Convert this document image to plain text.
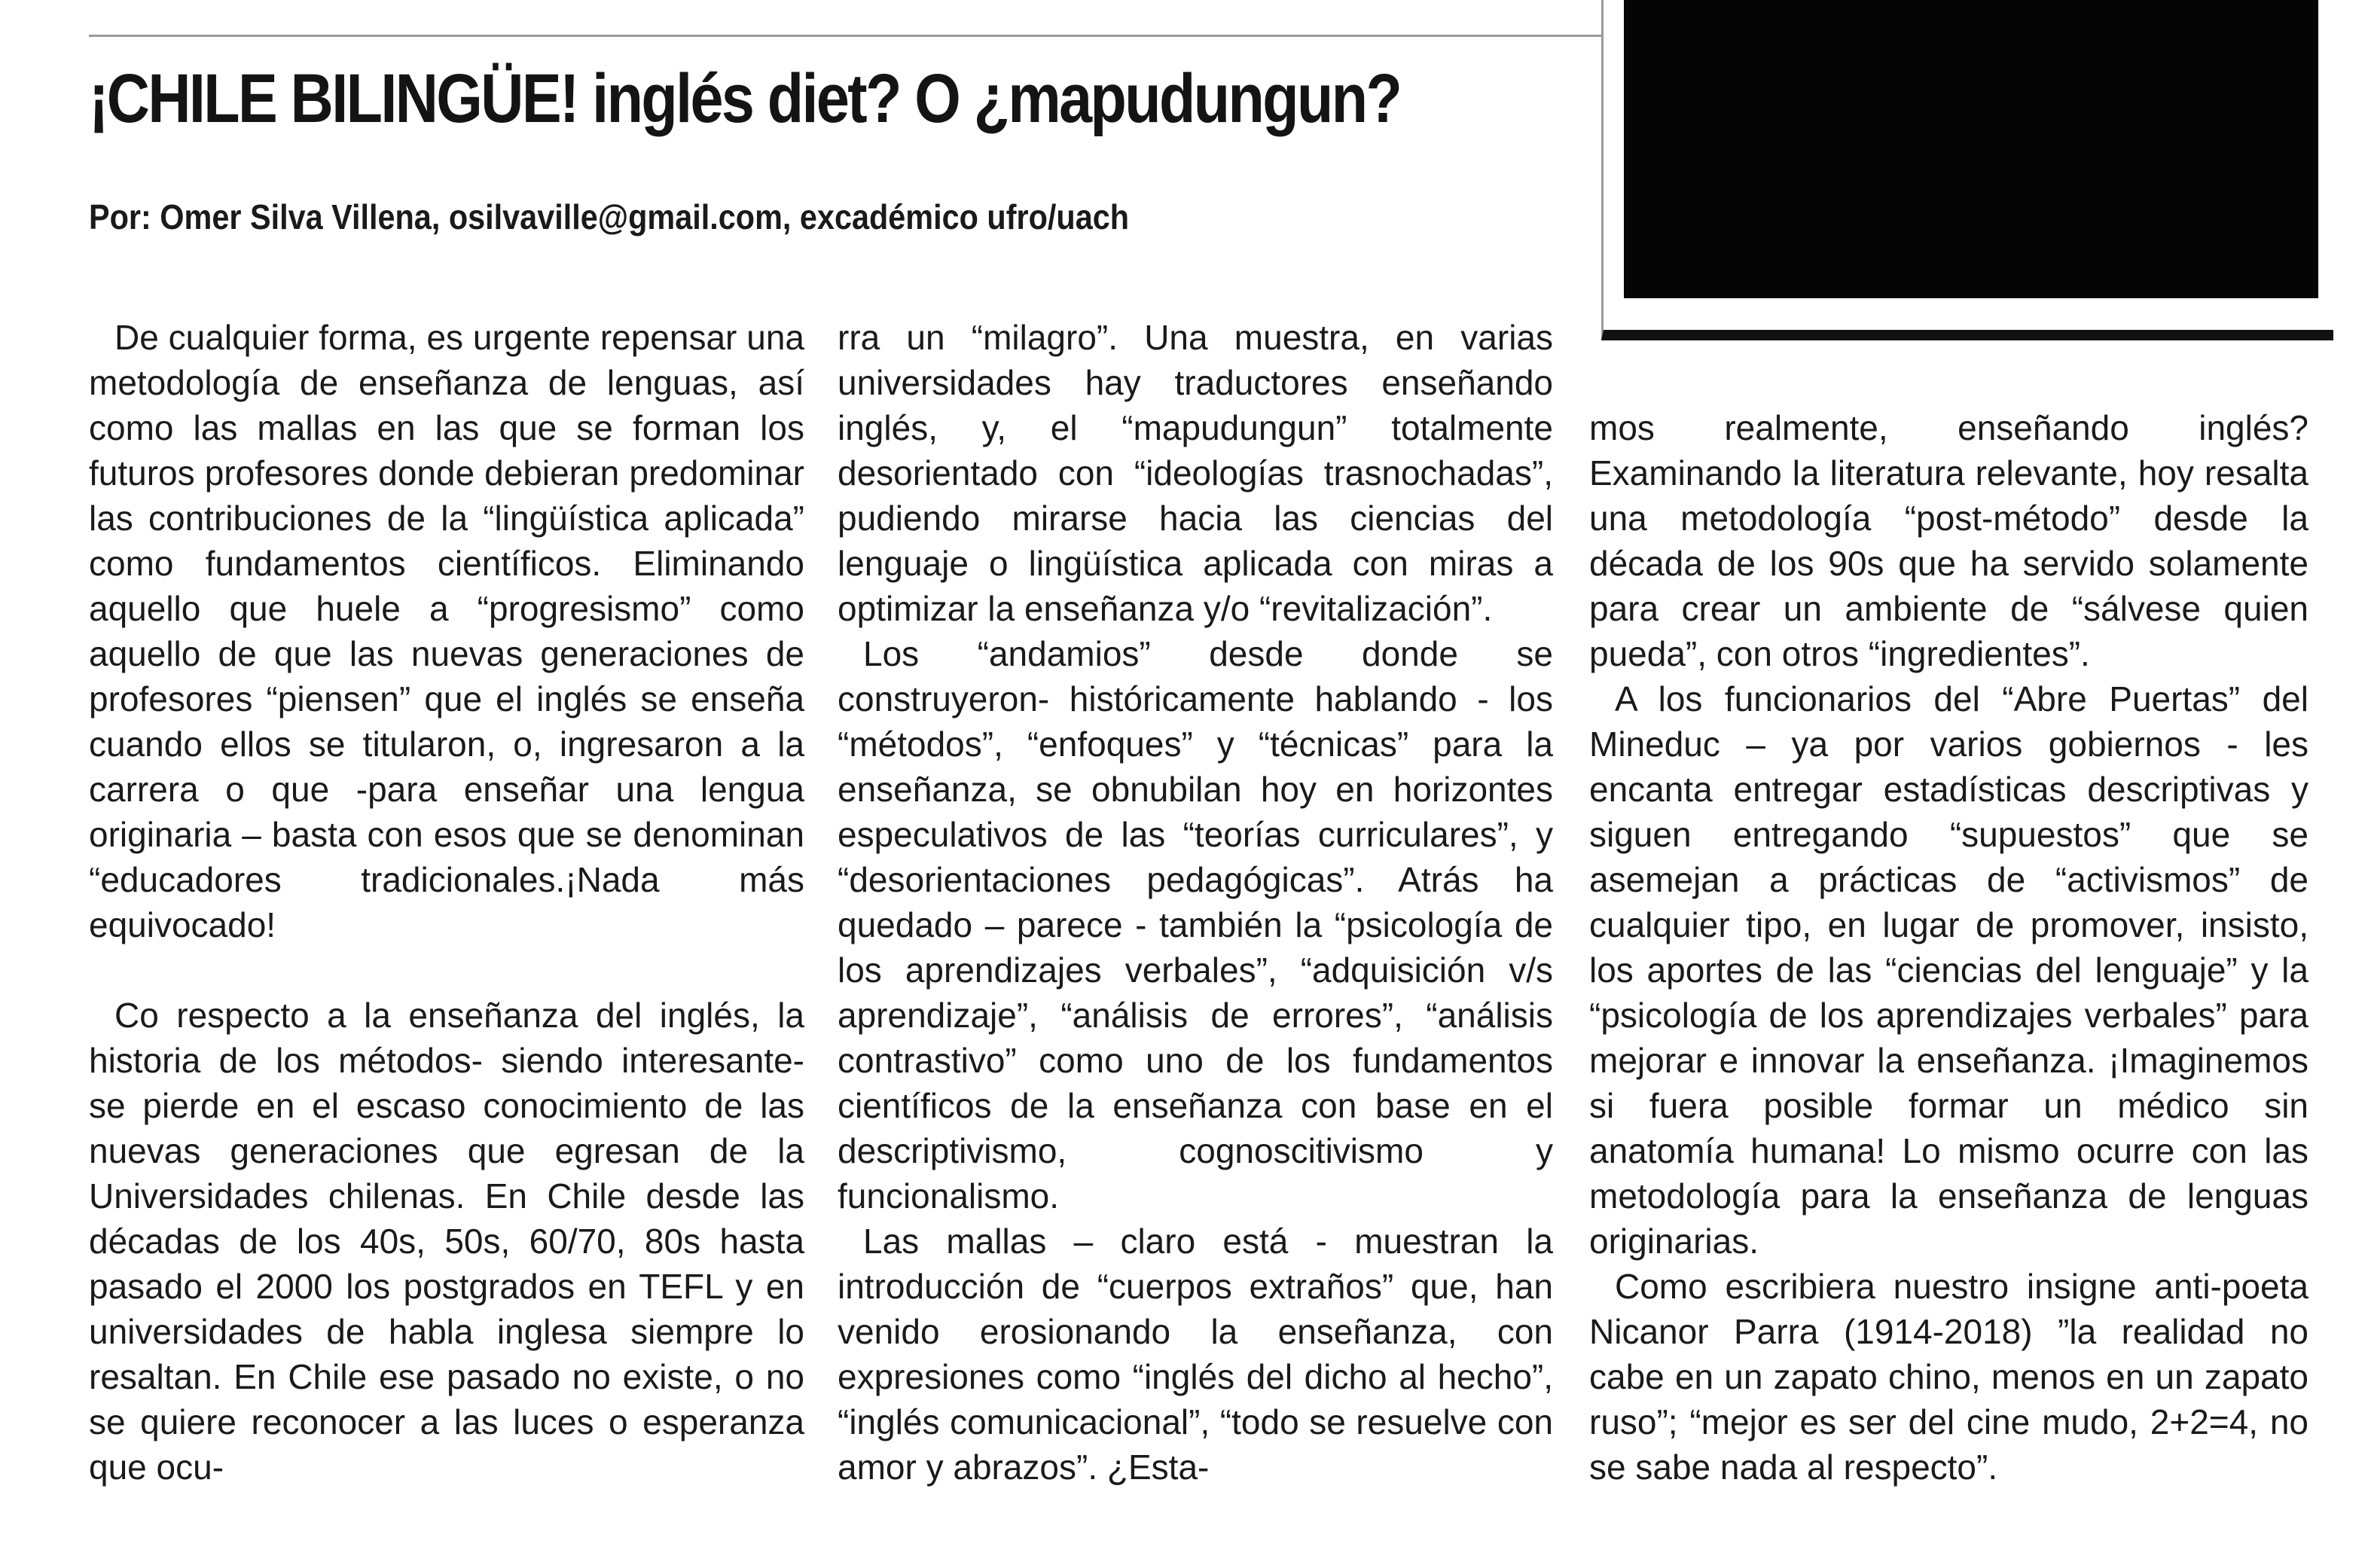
¡CHILE BILINGÜE! inglés diet? O ¿mapudungun?
Por: Omer Silva Villena, osilvaville@gmail.com, excadémico ufro/uach

De cualquier forma, es urgente repensar una metodología de enseñanza de lenguas, así como las mallas en las que se forman los futuros profesores donde debieran predominar las contribuciones de la “lingüística aplicada” como fundamentos científicos. Eliminando aquello que huele a “progresismo” como aquello de que las nuevas generaciones de profesores “piensen” que el inglés se enseña cuando ellos se titularon, o, ingresaron a la carrera o que -para enseñar una lengua originaria – basta con esos que se denominan “educadores tradicionales.¡Nada más equivocado!

Co respecto a la enseñanza del inglés, la historia de los métodos- siendo interesante- se pierde en el escaso conocimiento de las nuevas generaciones que egresan de la Universidades chilenas. En Chile desde las décadas de los 40s, 50s, 60/70, 80s hasta pasado el 2000 los postgrados en TEFL y en universidades de habla inglesa siempre lo resaltan. En Chile ese pasado no existe, o no se quiere reconocer a las luces o esperanza que ocu-

rra un “milagro”. Una muestra, en varias universidades hay traductores enseñando inglés, y, el “mapudungun” totalmente desorientado con “ideologías trasnochadas”, pudiendo mirarse hacia las ciencias del lenguaje o lingüística aplicada con miras a optimizar la enseñanza y/o “revitalización”.

Los “andamios” desde donde se construyeron- históricamente hablando - los “métodos”, “enfoques” y “técnicas” para la enseñanza, se obnubilan hoy en horizontes especulativos de las “teorías curriculares”, y “desorientaciones pedagógicas”. Atrás ha quedado – parece - también la “psicología de los aprendizajes verbales”, “adquisición v/s aprendizaje”, “análisis de errores”, “análisis contrastivo” como uno de los fundamentos científicos de la enseñanza con base en el descriptivismo, cognoscitivismo y funcionalismo.

Las mallas – claro está - muestran la introducción de “cuerpos extraños” que, han venido erosionando la enseñanza, con expresiones como “inglés del dicho al hecho”, “inglés comunicacional”, “todo se resuelve con amor y abrazos”. ¿Esta-

mos realmente, enseñando inglés? Examinando la literatura relevante, hoy resalta una metodología “post-método” desde la década de los 90s que ha servido solamente para crear un ambiente de “sálvese quien pueda”, con otros “ingredientes”.

A los funcionarios del “Abre Puertas” del Mineduc – ya por varios gobiernos - les encanta entregar estadísticas descriptivas y siguen entregando “supuestos” que se asemejan a prácticas de “activismos” de cualquier tipo, en lugar de promover, insisto, los aportes de las “ciencias del lenguaje” y la “psicología de los aprendizajes verbales” para mejorar e innovar la enseñanza. ¡Imaginemos si fuera posible formar un médico sin anatomía humana! Lo mismo ocurre con las metodología para la enseñanza de lenguas originarias.

Como escribiera nuestro insigne anti-poeta Nicanor Parra (1914-2018) ”la realidad no cabe en un zapato chino, menos en un zapato ruso”; “mejor es ser del cine mudo, 2+2=4, no se sabe nada al respecto”.
